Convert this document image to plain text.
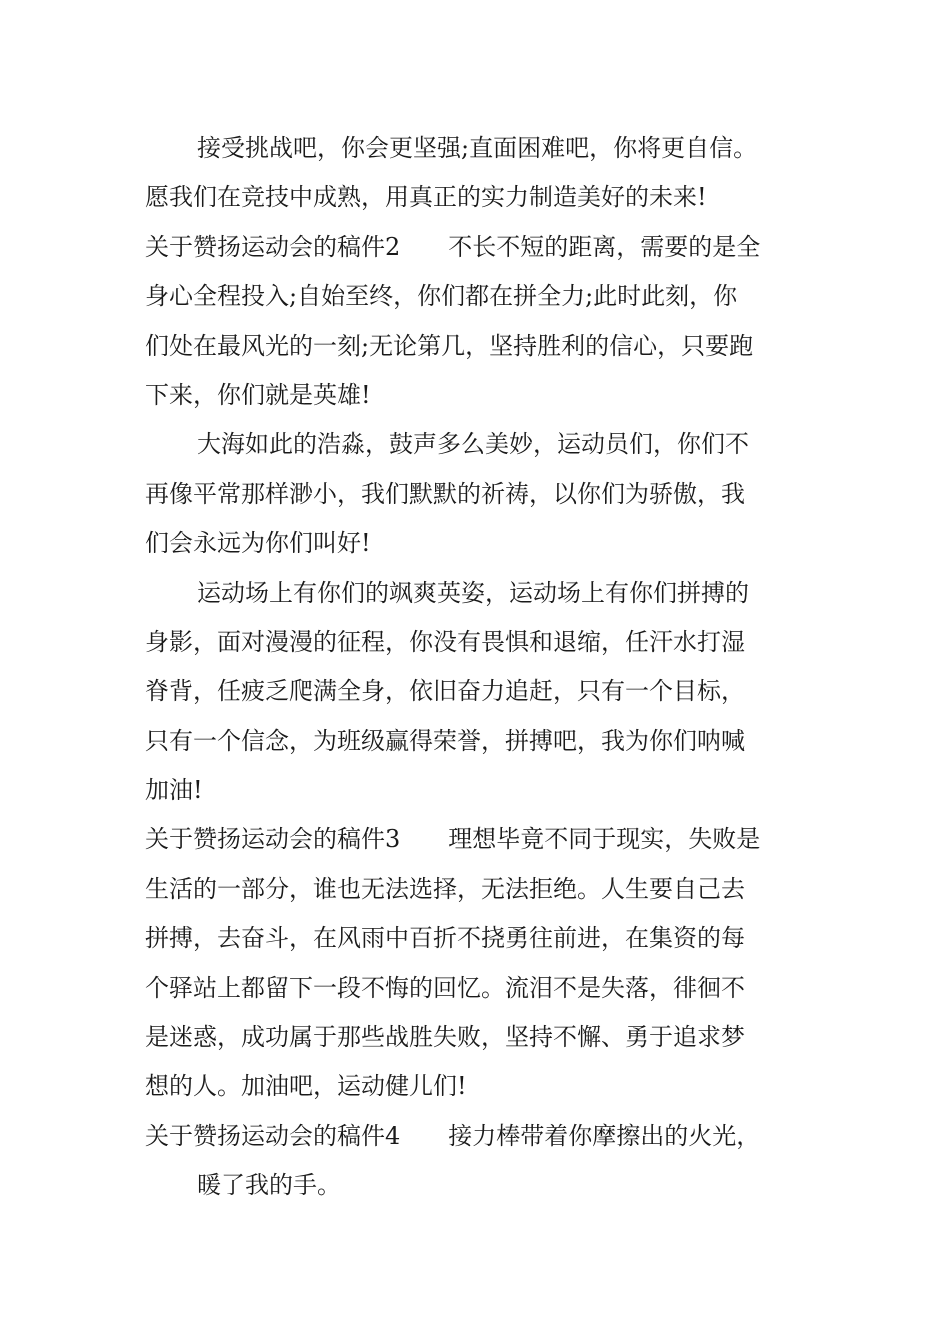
接受挑战吧，你会更坚强;直面困难吧，你将更自信。
愿我们在竞技中成熟，用真正的实力制造美好的未来!
关于赞扬运动会的稿件2　　不长不短的距离，需要的是全
身心全程投入;自始至终，你们都在拼全力;此时此刻，你
们处在最风光的一刻;无论第几，坚持胜利的信心，只要跑
下来，你们就是英雄!
大海如此的浩淼，鼓声多么美妙，运动员们，你们不
再像平常那样渺小，我们默默的祈祷，以你们为骄傲，我
们会永远为你们叫好!
运动场上有你们的飒爽英姿，运动场上有你们拼搏的
身影，面对漫漫的征程，你没有畏惧和退缩，任汗水打湿
脊背，任疲乏爬满全身，依旧奋力追赶，只有一个目标，
只有一个信念，为班级赢得荣誉，拼搏吧，我为你们呐喊
加油!
关于赞扬运动会的稿件3　　理想毕竟不同于现实，失败是
生活的一部分，谁也无法选择，无法拒绝。人生要自己去
拼搏，去奋斗，在风雨中百折不挠勇往前进，在集资的每
个驿站上都留下一段不悔的回忆。流泪不是失落，徘徊不
是迷惑，成功属于那些战胜失败，坚持不懈、勇于追求梦
想的人。加油吧，运动健儿们!
关于赞扬运动会的稿件4　　接力棒带着你摩擦出的火光，
暖了我的手。
